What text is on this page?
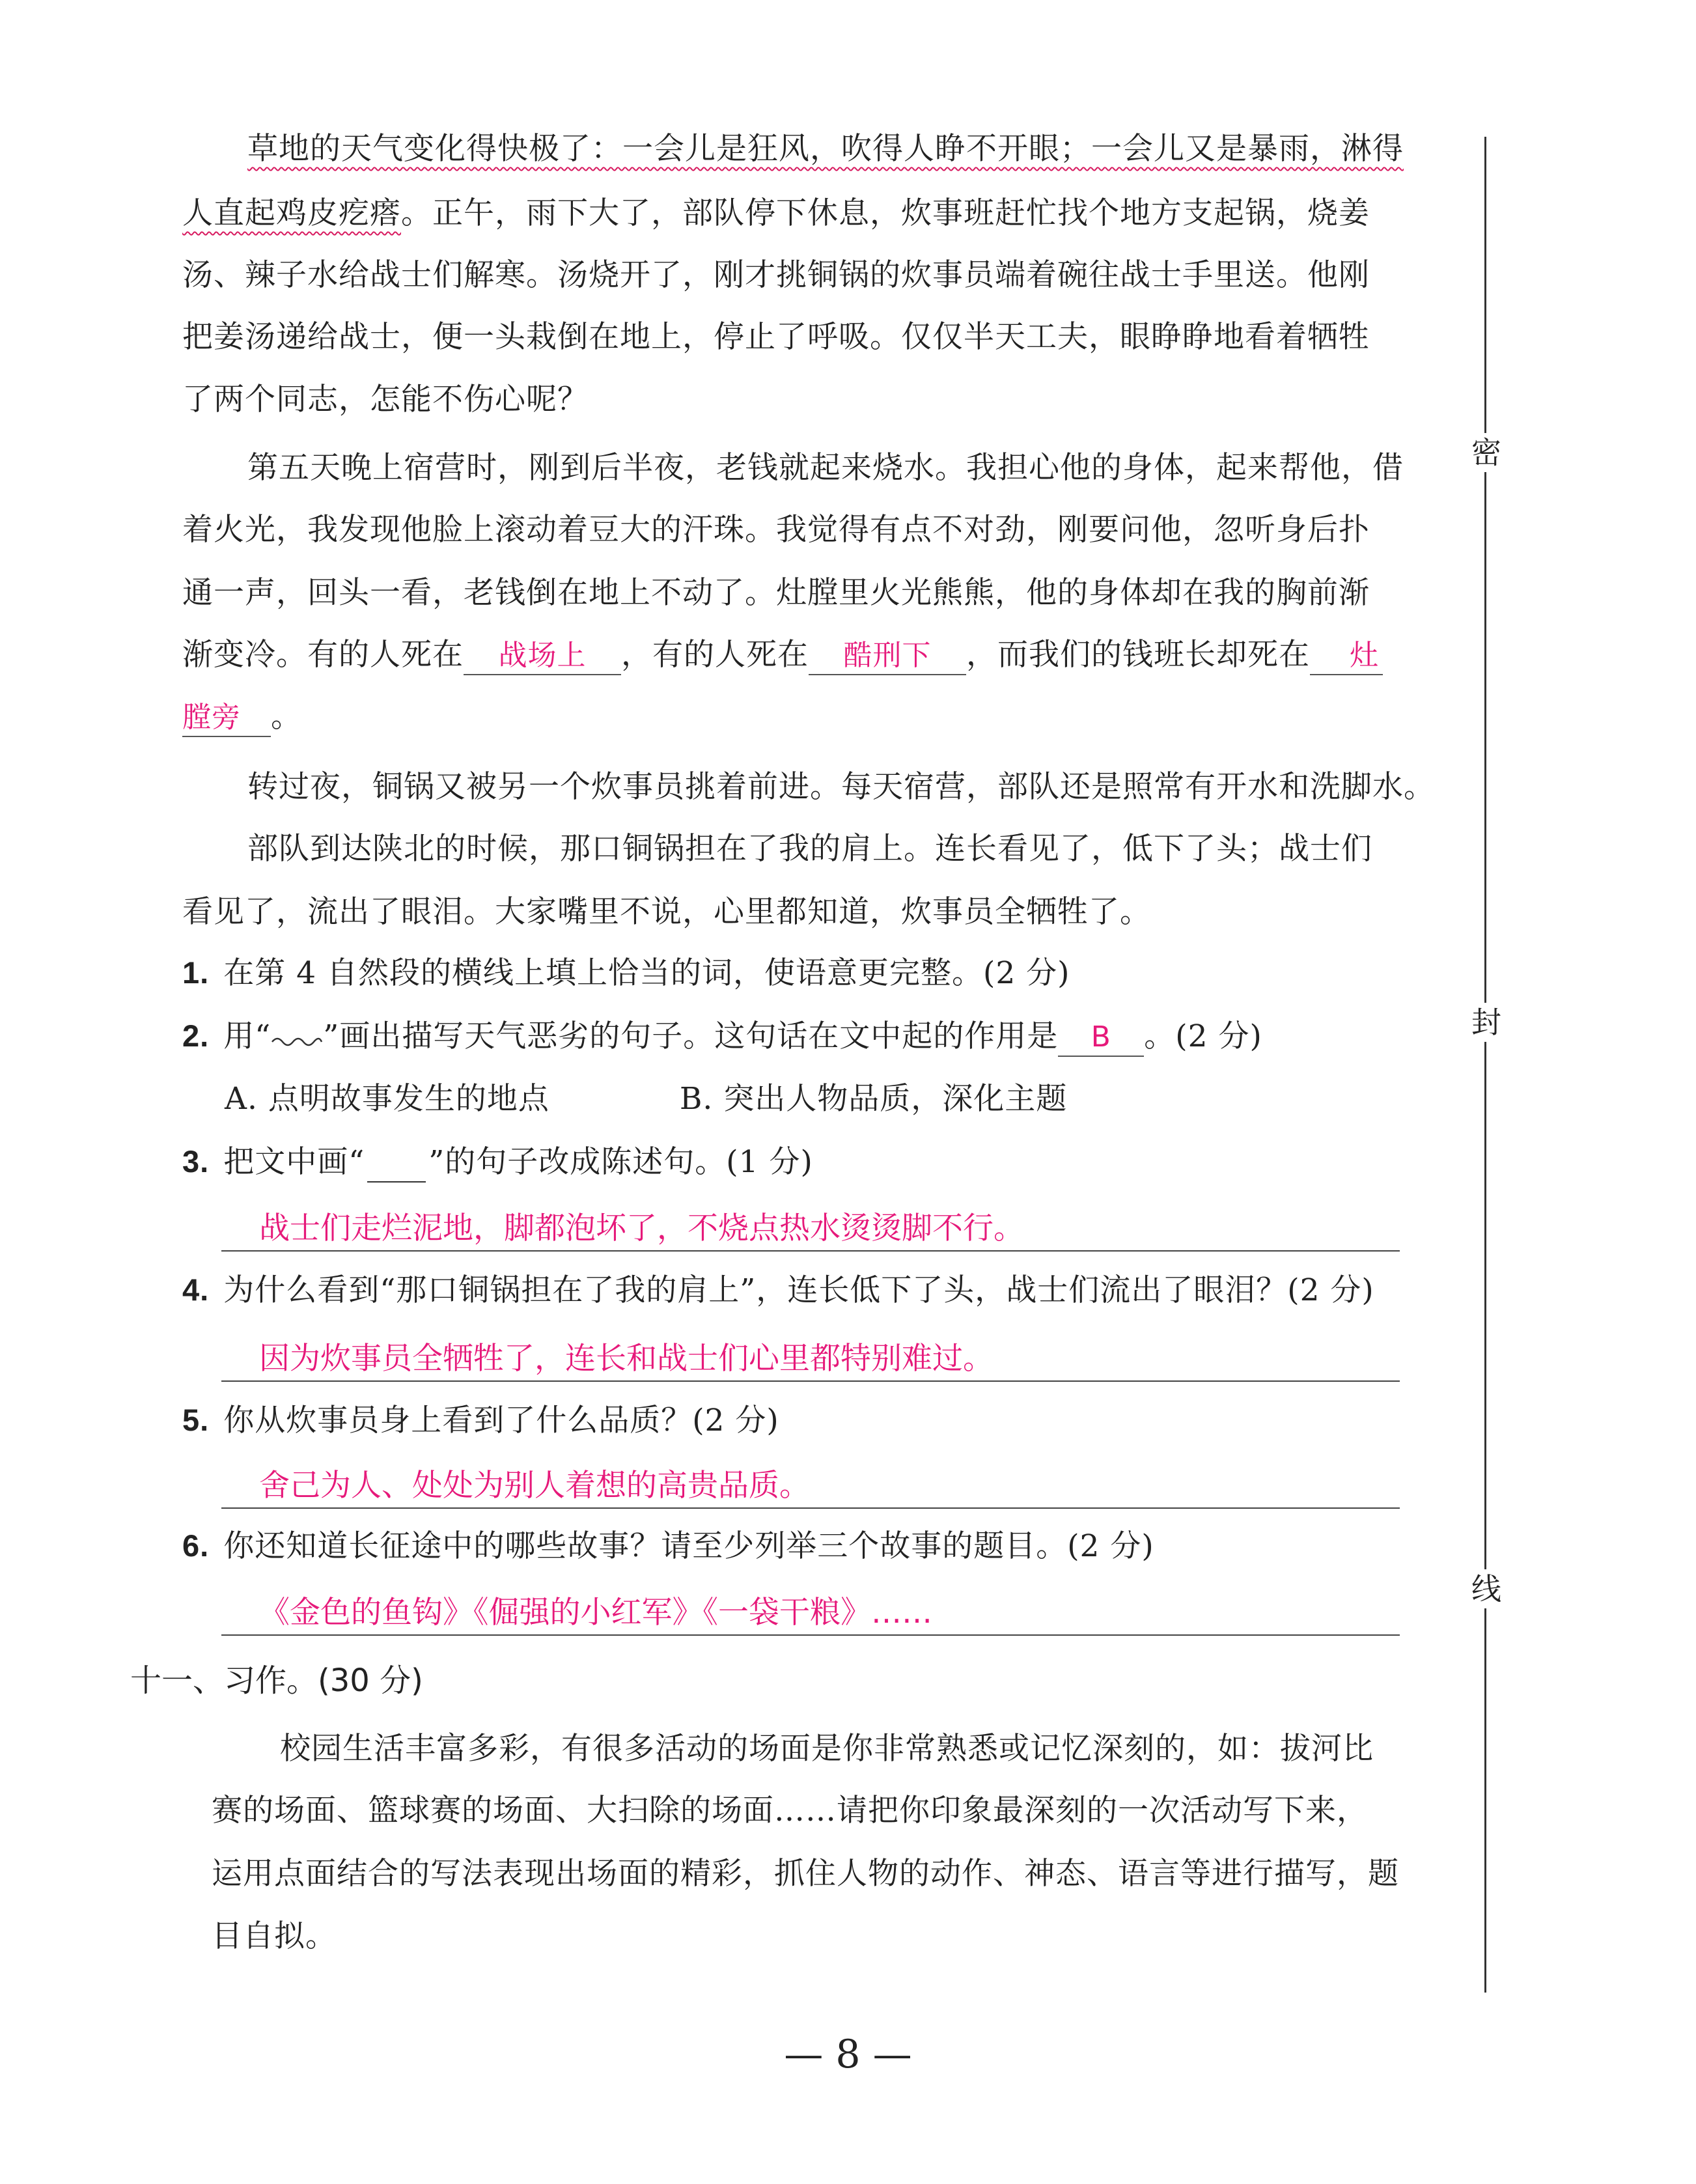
草地的天气变化得快极了：一会儿是狂风，吹得人睁不开眼；一会儿又是暴雨，淋得
人直起鸡皮疙瘩。正午，雨下大了，部队停下休息，炊事班赶忙找个地方支起锅，烧姜
汤、辣子水给战士们解寒。汤烧开了，刚才挑铜锅的炊事员端着碗往战士手里送。他刚
把姜汤递给战士，便一头栽倒在地上，停止了呼吸。仅仅半天工夫，眼睁睁地看着牺牲
了两个同志，怎能不伤心呢？
第五天晚上宿营时，刚到后半夜，老钱就起来烧水。我担心他的身体，起来帮他，借
着火光，我发现他脸上滚动着豆大的汗珠。我觉得有点不对劲，刚要问他，忽听身后扑
通一声，回头一看，老钱倒在地上不动了。灶膛里火光熊熊，他的身体却在我的胸前渐
渐变冷。有的人死在 战场上 ，有的人死在 酷刑下 ，而我们的钱班长却死在 灶
膛旁 。
转过夜，铜锅又被另一个炊事员挑着前进。每天宿营，部队还是照常有开水和洗脚水。
部队到达陕北的时候，那口铜锅担在了我的肩上。连长看见了，低下了头；战士们
看见了，流出了眼泪。大家嘴里不说，心里都知道，炊事员全牺牲了。
1. 在第 4 自然段的横线上填上恰当的词，使语意更完整。(2 分)
2. 用“ ”画出描写天气恶劣的句子。这句话在文中起的作用是 B 。(2 分)
A. 点明故事发生的地点	B. 突出人物品质，深化主题
3. 把文中画“ ”的句子改成陈述句。(1 分)
战士们走烂泥地，脚都泡坏了，不烧点热水烫烫脚不行。
4. 为什么看到“那口铜锅担在了我的肩上”，连长低下了头，战士们流出了眼泪？(2 分)
因为炊事员全牺牲了，连长和战士们心里都特别难过。
5. 你从炊事员身上看到了什么品质？(2 分)
舍己为人、处处为别人着想的高贵品质。
6. 你还知道长征途中的哪些故事？请至少列举三个故事的题目。(2 分)
《金色的鱼钩》《倔强的小红军》《一袋干粮》……
十一、习作。(30 分)
校园生活丰富多彩，有很多活动的场面是你非常熟悉或记忆深刻的，如：拔河比
赛的场面、篮球赛的场面、大扫除的场面……请把你印象最深刻的一次活动写下来，
运用点面结合的写法表现出场面的精彩，抓住人物的动作、神态、语言等进行描写，题
目自拟。
密
封
线
— 8 —
